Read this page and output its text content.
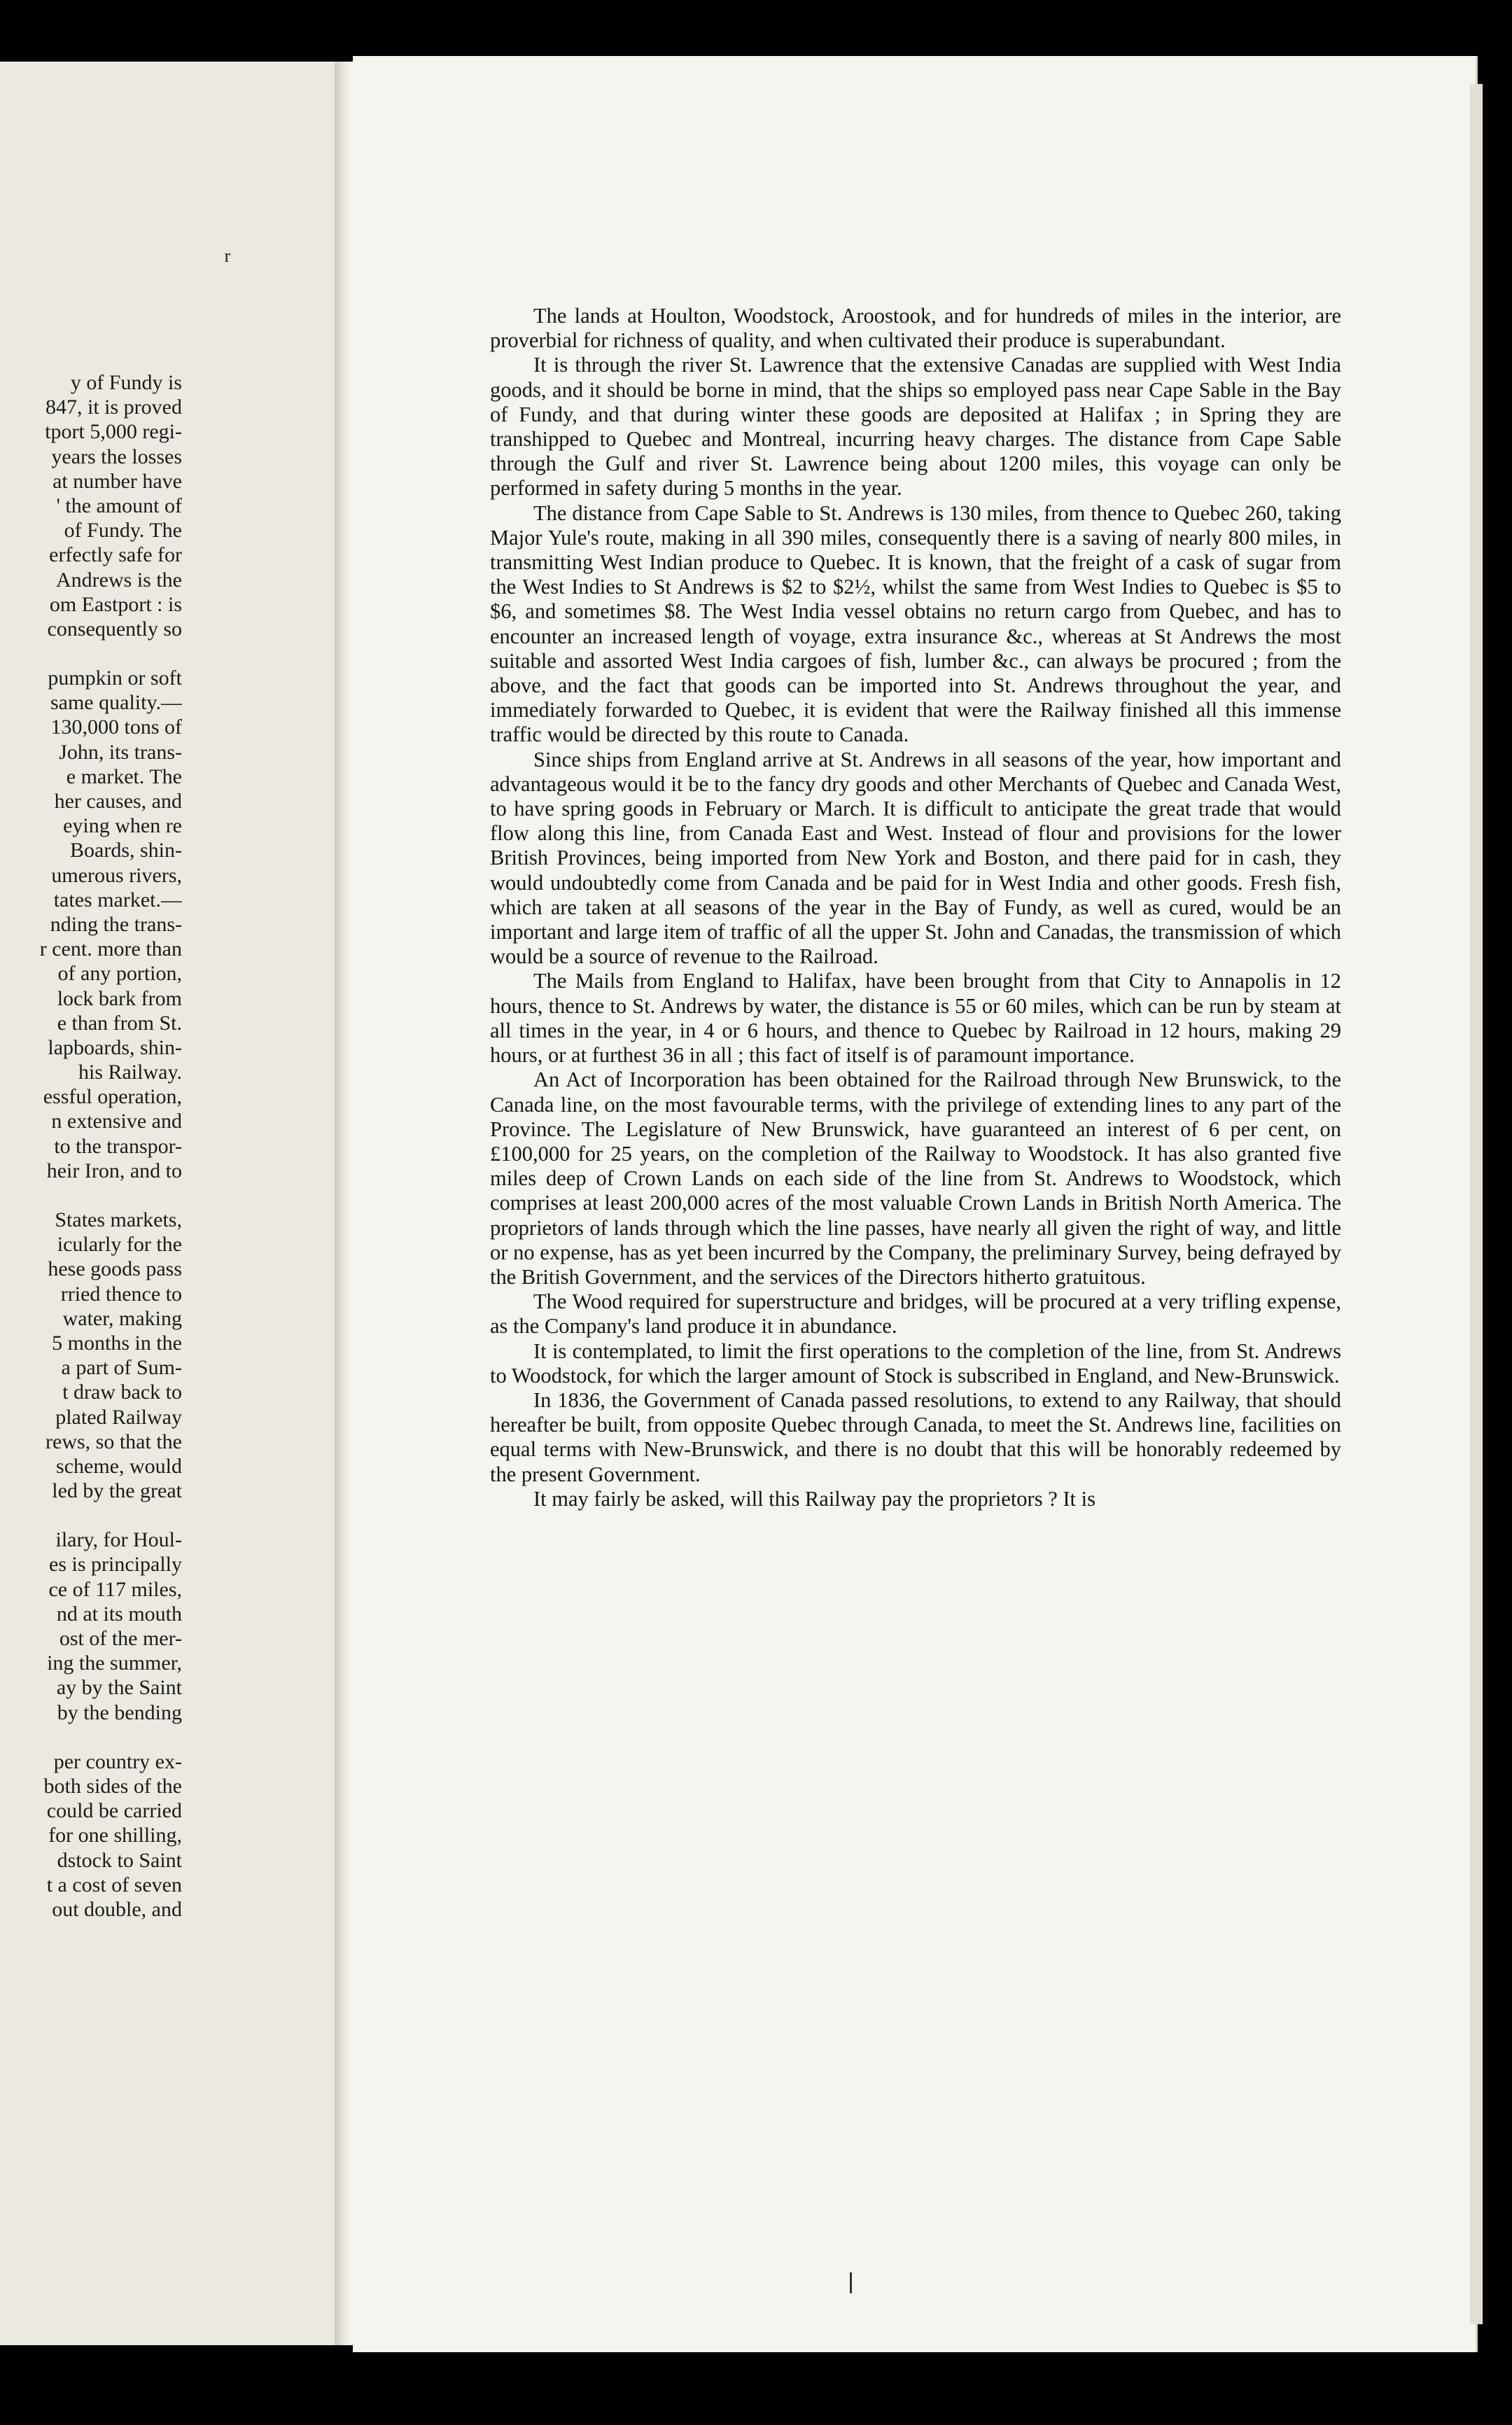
ʳ
y of Fundy is
847, it is proved
tport 5,000 regi-
years the losses
at number have
' the amount of
of Fundy. The
erfectly safe for
Andrews is the
om Eastport : is
consequently so
pumpkin or soft
same quality.—
130,000 tons of
John, its trans-
e market. The
her causes, and
eying when re
Boards, shin-
umerous rivers,
tates market.—
nding the trans-
r cent. more than
of any portion,
lock bark from
e than from St.
lapboards, shin-
his Railway.
essful operation,
n extensive and
to the transpor-
heir Iron, and to
States markets,
icularly for the
hese goods pass
rried thence to
water, making
5 months in the
a part of Sum-
t draw back to
plated Railway
rews, so that the
scheme, would
led by the great
ilary, for Houl-
es is principally
ce of 117 miles,
nd at its mouth
ost of the mer-
ing the summer,
ay by the Saint
by the bending
per country ex-
both sides of the
could be carried
for one shilling,
dstock to Saint
t a cost of seven
out double, and

The lands at Houlton, Woodstock, Aroostook, and for hundreds of miles in the interior, are proverbial for richness of quality, and when cultivated their produce is superabundant.

It is through the river St. Lawrence that the extensive Canadas are supplied with West India goods, and it should be borne in mind, that the ships so employed pass near Cape Sable in the Bay of Fundy, and that during winter these goods are deposited at Halifax ; in Spring they are transhipped to Quebec and Montreal, incurring heavy charges. The distance from Cape Sable through the Gulf and river St. Lawrence being about 1200 miles, this voyage can only be performed in safety during 5 months in the year.

The distance from Cape Sable to St. Andrews is 130 miles, from thence to Quebec 260, taking Major Yule's route, making in all 390 miles, consequently there is a saving of nearly 800 miles, in transmitting West Indian produce to Quebec. It is known, that the freight of a cask of sugar from the West Indies to St Andrews is $2 to $2½, whilst the same from West Indies to Quebec is $5 to $6, and sometimes $8. The West India vessel obtains no return cargo from Quebec, and has to encounter an increased length of voyage, extra insurance &c., whereas at St Andrews the most suitable and assorted West India cargoes of fish, lumber &c., can always be procured ; from the above, and the fact that goods can be imported into St. Andrews throughout the year, and immediately forwarded to Quebec, it is evident that were the Railway finished all this immense traffic would be directed by this route to Canada.

Since ships from England arrive at St. Andrews in all seasons of the year, how important and advantageous would it be to the fancy dry goods and other Merchants of Quebec and Canada West, to have spring goods in February or March. It is difficult to anticipate the great trade that would flow along this line, from Canada East and West. Instead of flour and provisions for the lower British Provinces, being imported from New York and Boston, and there paid for in cash, they would undoubtedly come from Canada and be paid for in West India and other goods. Fresh fish, which are taken at all seasons of the year in the Bay of Fundy, as well as cured, would be an important and large item of traffic of all the upper St. John and Canadas, the transmission of which would be a source of revenue to the Railroad.

The Mails from England to Halifax, have been brought from that City to Annapolis in 12 hours, thence to St. Andrews by water, the distance is 55 or 60 miles, which can be run by steam at all times in the year, in 4 or 6 hours, and thence to Quebec by Railroad in 12 hours, making 29 hours, or at furthest 36 in all ; this fact of itself is of paramount importance.

An Act of Incorporation has been obtained for the Railroad through New Brunswick, to the Canada line, on the most favourable terms, with the privilege of extending lines to any part of the Province. The Legislature of New Brunswick, have guaranteed an interest of 6 per cent, on £100,000 for 25 years, on the completion of the Railway to Woodstock. It has also granted five miles deep of Crown Lands on each side of the line from St. Andrews to Woodstock, which comprises at least 200,000 acres of the most valuable Crown Lands in British North America. The proprietors of lands through which the line passes, have nearly all given the right of way, and little or no expense, has as yet been incurred by the Company, the preliminary Survey, being defrayed by the British Government, and the services of the Directors hitherto gratuitous.

The Wood required for superstructure and bridges, will be procured at a very trifling expense, as the Company's land produce it in abundance.

It is contemplated, to limit the first operations to the completion of the line, from St. Andrews to Woodstock, for which the larger amount of Stock is subscribed in England, and New-Brunswick.

In 1836, the Government of Canada passed resolutions, to extend to any Railway, that should hereafter be built, from opposite Quebec through Canada, to meet the St. Andrews line, facilities on equal terms with New-Brunswick, and there is no doubt that this will be honorably redeemed by the present Government.

It may fairly be asked, will this Railway pay the proprietors ? It is
